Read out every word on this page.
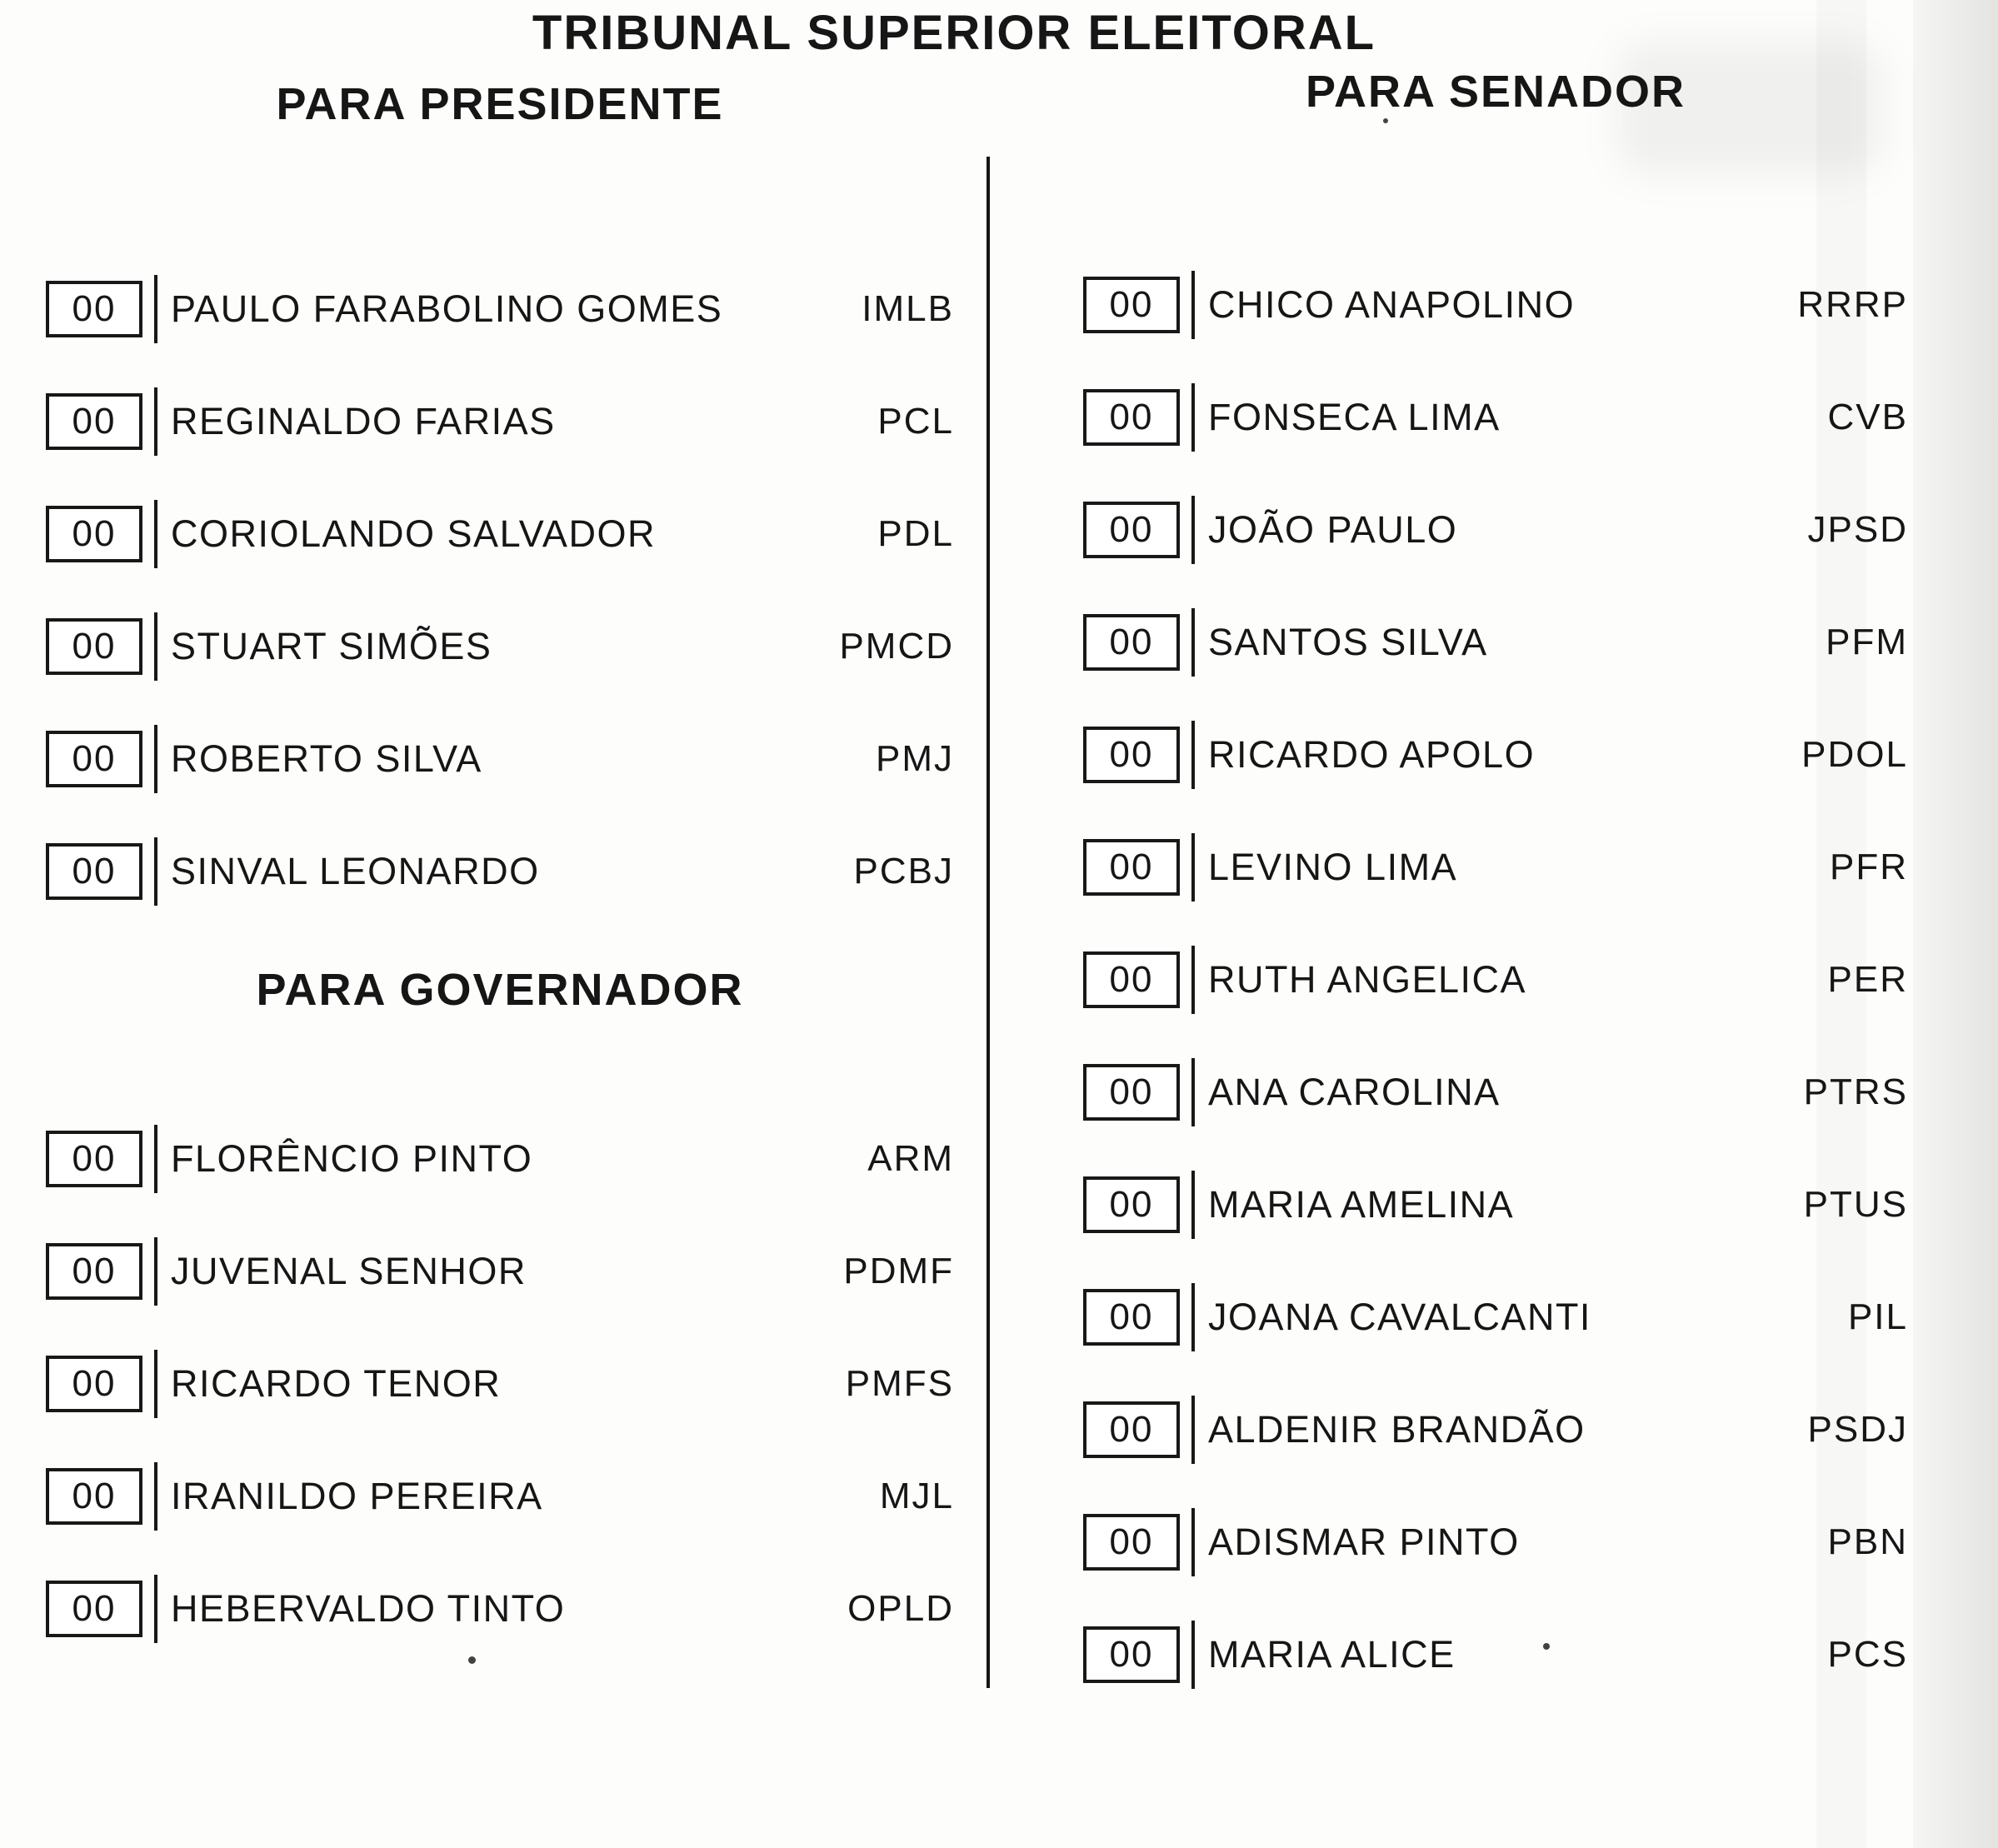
TRIBUNAL SUPERIOR ELEITORAL
PARA PRESIDENTE
00 PAULO FARABOLINO GOMES	IMLB
00 REGINALDO FARIAS	PCL
00 CORIOLANDO SALVADOR	PDL
00 STUART SIMÕES	PMCD
00 ROBERTO SILVA	PMJ
00 SINVAL LEONARDO	PCBJ
PARA GOVERNADOR
00 FLORÊNCIO PINTO	ARM
00 JUVENAL SENHOR	PDMF
00 RICARDO TENOR	PMFS
00 IRANILDO PEREIRA	MJL
00 HEBERVALDO TINTO	OPLD
PARA SENADOR
00 CHICO ANAPOLINO	RRRP
00 FONSECA LIMA	CVB
00 JOÃO PAULO	JPSD
00 SANTOS SILVA	PFM
00 RICARDO APOLO	PDOL
00 LEVINO LIMA	PFR
00 RUTH ANGELICA	PER
00 ANA CAROLINA	PTRS
00 MARIA AMELINA	PTUS
00 JOANA CAVALCANTI	PIL
00 ALDENIR BRANDÃO	PSDJ
00 ADISMAR PINTO	PBN
00 MARIA ALICE	PCS
